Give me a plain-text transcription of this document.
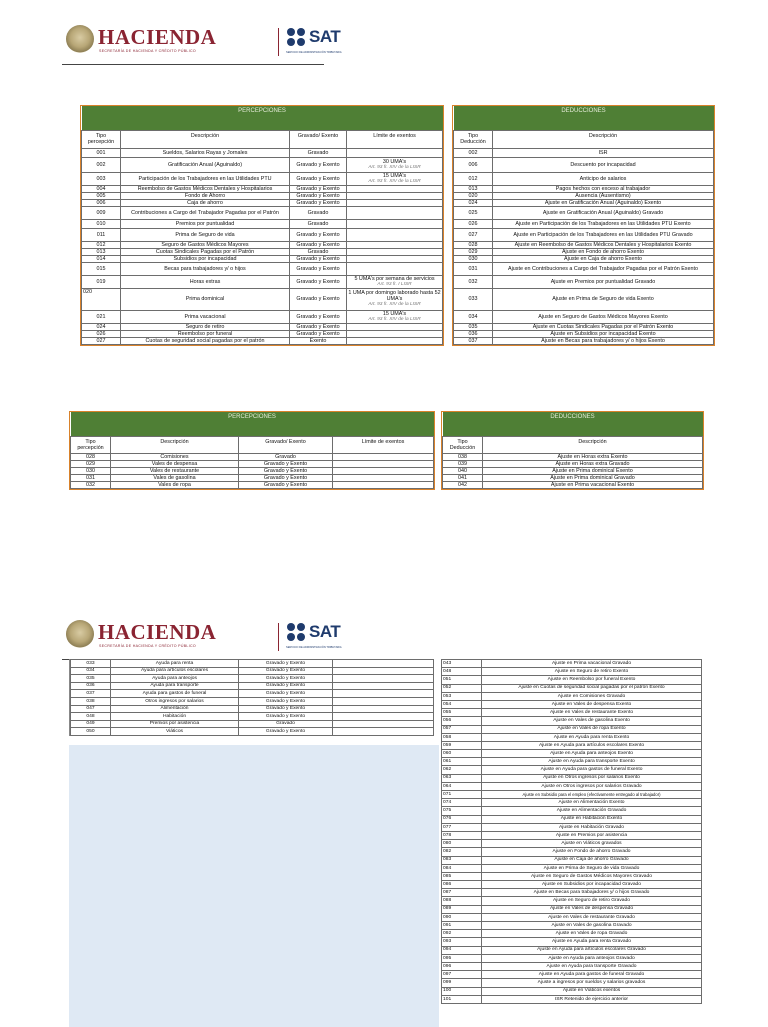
HACIENDA
SECRETARÍA DE HACIENDA Y CRÉDITO PÚBLICO
SAT
SERVICIO DE ADMINISTRACIÓN TRIBUTARIA
PERCEPCIONES			
Tipo percepción	Descripción	Gravado/ Exento	Límite de exentos
001	Sueldos, Salarios Rayas y Jornales	Gravado	

002	Gratificación Anual (Aguinaldo)	Gravado y Exento	30 UMA's
Art. 93 fr. XIV de la LISR

003	Participación de los Trabajadores en las Utilidades PTU	Gravado y Exento	15 UMA's
Art. 93 fr. XIV de la LISR

004	Reembolso de Gastos Médicos Dentales y Hospitalarios	Gravado y Exento	

005	Fondo de Ahorro	Gravado y Exento	

006	Caja de ahorro	Gravado y Exento	

009	Contribuciones a Cargo del Trabajador Pagadas por el Patrón	Gravado	

010	Premios por puntualidad	Gravado	

011	Prima de Seguro de vida	Gravado y Exento	

012	Seguro de Gastos Médicos Mayores	Gravado y Exento	

013	Cuotas Sindicales Pagadas por el Patrón	Gravado	

014	Subsidios por incapacidad	Gravado y Exento	

015	Becas para trabajadores y/ o hijos	Gravado y Exento	

019	Horas extras	Gravado y Exento	5 UMA's por semana de servicios
Art. 93 fr. I LISR

020	Prima dominical	Gravado y Exento	1 UMA por domingo laborado hasta 52 UMA's
Art. 93 fr. XIV de la LISR

021	Prima vacacional	Gravado y Exento	15 UMA's
Art. 93 fr. XIV de la LISR

024	Seguro de retiro	Gravado y Exento	

026	Reembolso por funeral	Gravado y Exento	

027	Cuotas de seguridad social pagadas por el patrón	Exento	
DEDUCCIONES	
Tipo Deducción	Descripción
002	ISR
006	Descuento por incapacidad
012	Anticipo de salarios
013	Pagos hechos con exceso al trabajador
020	Ausencia (Ausentismo)
024	Ajuste en Gratificación Anual (Aguinaldo) Exento
025	Ajuste en Gratificación Anual (Aguinaldo) Gravado
026	Ajuste en Participación de los Trabajadores en las Utilidades PTU Exento
027	Ajuste en Participación de los Trabajadores en las Utilidades PTU Gravado
028	Ajuste en Reembolso de Gastos Médicos Dentales y Hospitalarios Exento
029	Ajuste en Fondo de ahorro Exento
030	Ajuste en Caja de ahorro Exento
031	Ajuste en Contribuciones a Cargo del Trabajador Pagadas por el Patrón Exento
032	Ajuste en Premios por puntualidad Gravado
033	Ajuste en Prima de Seguro de vida Exento
034	Ajuste en Seguro de Gastos Médicos Mayores Exento
035	Ajuste en Cuotas Sindicales Pagadas por el Patrón Exento
036	Ajuste en Subsidios por incapacidad Exento
037	Ajuste en Becas para trabajadores y/ o hijos Exento
PERCEPCIONES			
Tipo percepción	Descripción	Gravado/ Exento	Límite de exentos
028	Comisiones	Gravado	
029	Vales de despensa	Gravado y Exento	
030	Vales de restaurante	Gravado y Exento	
031	Vales de gasolina	Gravado y Exento	
032	Vales de ropa	Gravado y Exento	
DEDUCCIONES	
Tipo Deducción	Descripción
038	Ajuste en Horas extra Exento
039	Ajuste en Horas extra Gravado
040	Ajuste en Prima dominical Exento
041	Ajuste en Prima dominical Gravado
042	Ajuste en Prima vacacional Exento
HACIENDA
SECRETARÍA DE HACIENDA Y CRÉDITO PÚBLICO
SAT
SERVICIO DE ADMINISTRACIÓN TRIBUTARIA
033	Ayuda para renta	Gravado y Exento	
034	Ayuda para artículos escolares	Gravado y Exento	
035	Ayuda para anteojos	Gravado y Exento	
036	Ayuda para transporte	Gravado y Exento	
037	Ayuda para gastos de funeral	Gravado y Exento	
038	Otros ingresos por salarios	Gravado y Exento	
047	Alimentación	Gravado y Exento	
048	Habitación	Gravado y Exento	
049	Premios por asistencia	Gravado	
050	Viáticos	Gravado y Exento	
043	Ajuste en Prima vacacional Gravado
048	Ajuste en Seguro de retiro Exento
051	Ajuste en Reembolso por funeral Exento
052	Ajuste en Cuotas de seguridad social pagadas por el patrón Exento
053	Ajuste en Comisiones Gravado
054	Ajuste en Vales de despensa Exento
055	Ajuste en Vales de restaurante Exento
056	Ajuste en Vales de gasolina Exento
057	Ajuste en Vales de ropa Exento
058	Ajuste en Ayuda para renta Exento
059	Ajuste en Ayuda para artículos escolares Exento
060	Ajuste en Ayuda para anteojos Exento
061	Ajuste en Ayuda para transporte Exento
062	Ajuste en Ayuda para gastos de funeral Exento
063	Ajuste en Otros ingresos por salarios Exento
064	Ajuste en Otros ingresos por salarios Gravado
071	Ajuste en Subsidio para el empleo (efectivamente entregado al trabajador)
074	Ajuste en Alimentación Exento
075	Ajuste en Alimentación Gravado
076	Ajuste en Habitación Exento
077	Ajuste en Habitación Gravado
078	Ajuste en Premios por asistencia
080	Ajuste en Viáticos gravados
082	Ajuste en Fondo de ahorro Gravado
083	Ajuste en Caja de ahorro Gravado
084	Ajuste en Prima de Seguro de vida Gravado
085	Ajuste en Seguro de Gastos Médicos Mayores Gravado
086	Ajuste en Subsidios por incapacidad Gravado
087	Ajuste en Becas para trabajadores y/ o hijos Gravado
088	Ajuste en Seguro de retiro Gravado
089	Ajuste en Vales de despensa Gravado
090	Ajuste en Vales de restaurante Gravado
091	Ajuste en Vales de gasolina Gravado
092	Ajuste en Vales de ropa Gravado
093	Ajuste en Ayuda para renta Gravado
094	Ajuste en Ayuda para artículos escolares Gravado
095	Ajuste en Ayuda para anteojos Gravado
096	Ajuste en Ayuda para transporte Gravado
097	Ajuste en Ayuda para gastos de funeral Gravado
099	Ajuste a ingresos por sueldos y salarios gravados
100	Ajuste en Viáticos exentos
101	ISR Retenido de ejercicio anterior
